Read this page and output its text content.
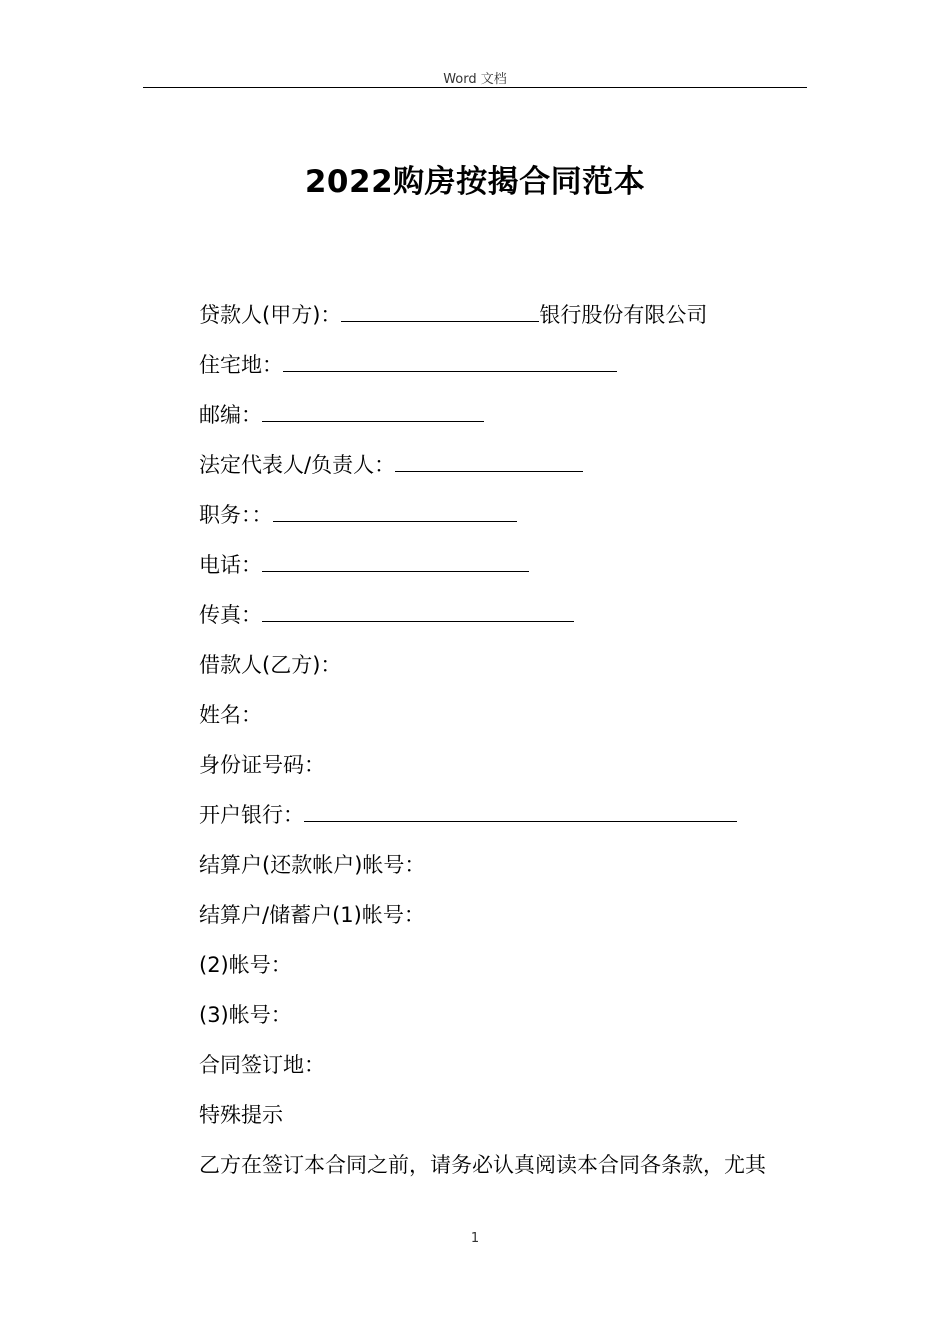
Word 文档
2022购房按揭合同范本
贷款人(甲方)：	银行股份有限公司
住宅地：
邮编：
法定代表人/负责人：
职务：：
电话：
传真：
借款人(乙方)：
姓名：
身份证号码：
开户银行：
结算户(还款帐户)帐号：
结算户/储蓄户(1)帐号：
(2)帐号：
(3)帐号：
合同签订地：
特殊提示
乙方在签订本合同之前，请务必认真阅读本合同各条款，尤其
1
